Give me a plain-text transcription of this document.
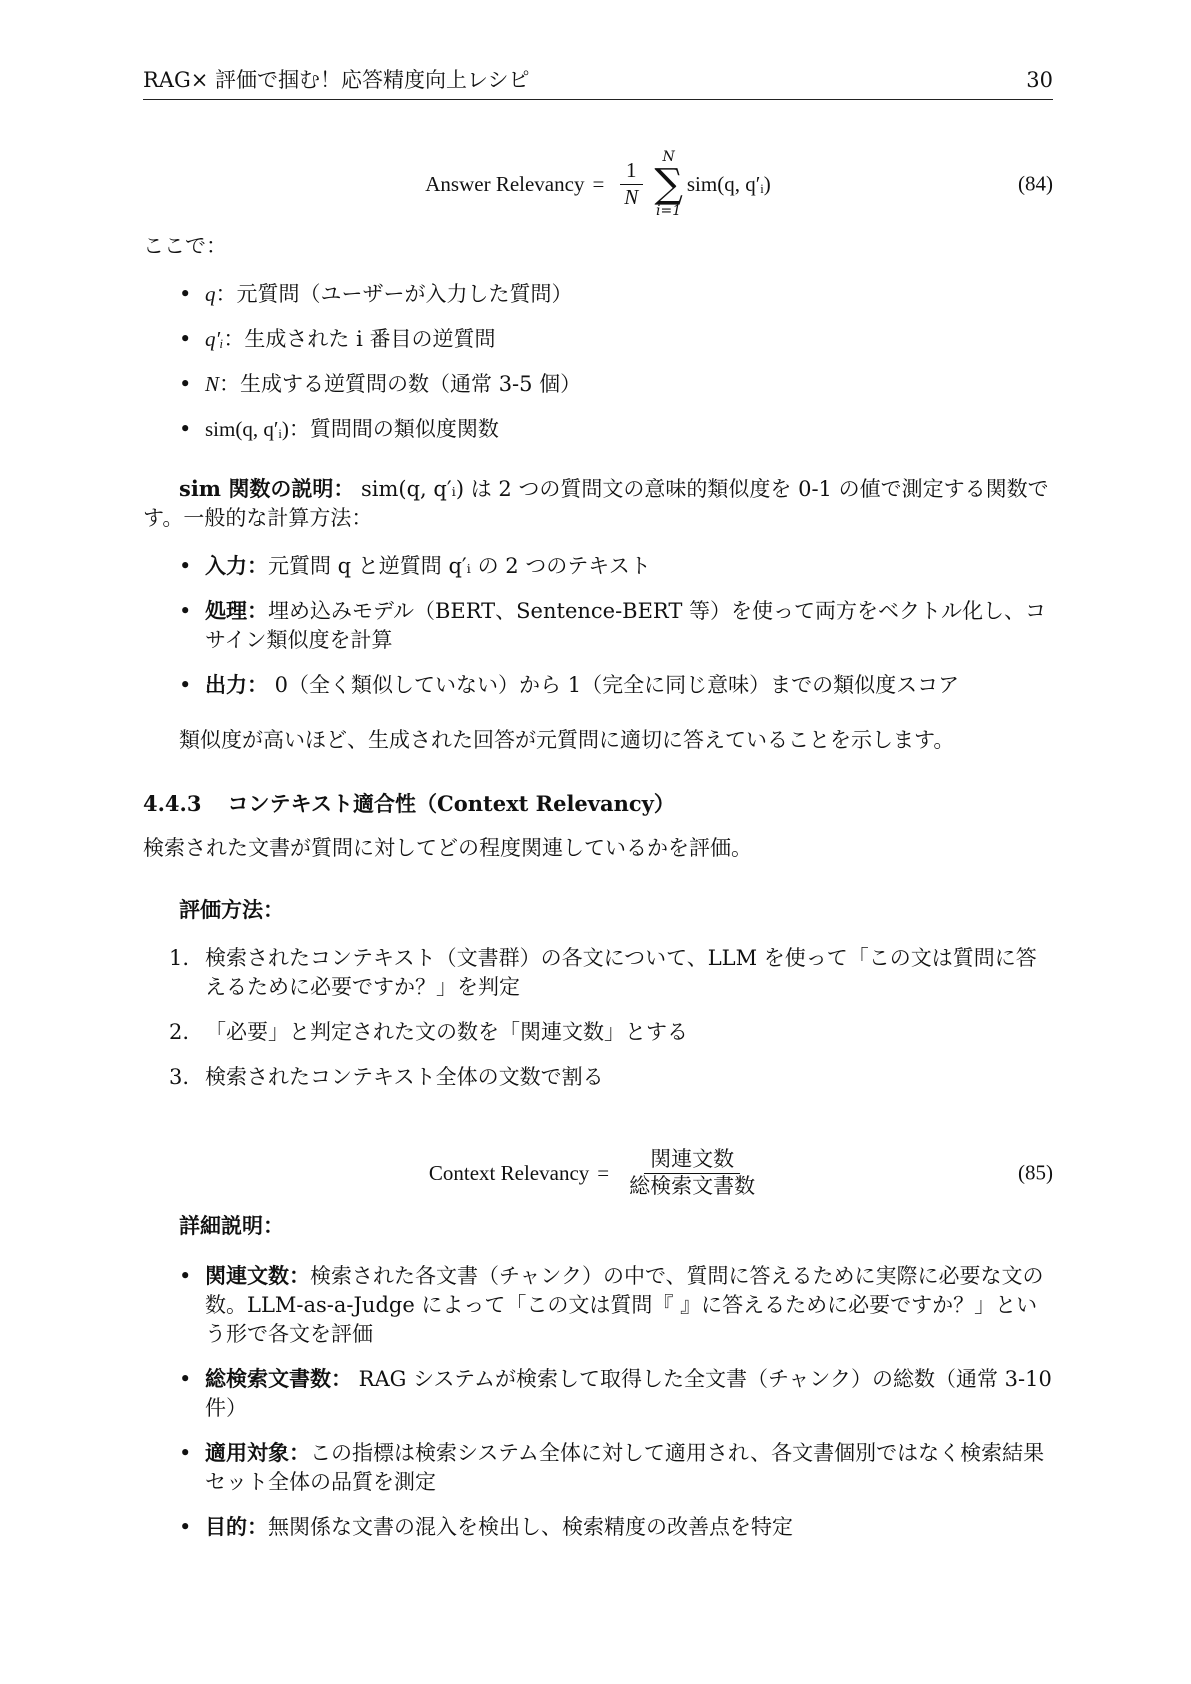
RAG× 評価で掴む！応答精度向上レシピ	30
Answer Relevancy = $\frac{1}{N}$
N
∑
i=1
sim(q, q′ᵢ)	(84)

ここで：

• q：元質問（ユーザーが入力した質問）
• q′ᵢ：生成された i 番目の逆質問
• N：生成する逆質問の数（通常 3-5 個）
• sim(q, q′ᵢ)：質問間の類似度関数

sim 関数の説明： sim(q, q′ᵢ) は 2 つの質問文の意味的類似度を 0-1 の値で測定する関数です。一般的な計算方法：

• 入力：元質問 q と逆質問 q′ᵢ の 2 つのテキスト
• 処理：埋め込みモデル（BERT、Sentence-BERT 等）を使って両方をベクトル化し、コサイン類似度を計算
• 出力： 0（全く類似していない）から 1（完全に同じ意味）までの類似度スコア

類似度が高いほど、生成された回答が元質問に適切に答えていることを示します。

4.4.3 コンテキスト適合性（Context Relevancy）

検索された文書が質問に対してどの程度関連しているかを評価。

評価方法：

1. 検索されたコンテキスト（文書群）の各文について、LLM を使って「この文は質問に答えるために必要ですか？」を判定
2. 「必要」と判定された文の数を「関連文数」とする
3. 検索されたコンテキスト全体の文数で割る
Context Relevancy = $\frac{\text{関連文数}}{\text{総検索文書数}}$	(85)

詳細説明：

• 関連文数：検索された各文書（チャンク）の中で、質問に答えるために実際に必要な文の数。LLM-as-a-Judge によって「この文は質問『 』に答えるために必要ですか？」という形で各文を評価
• 総検索文書数： RAG システムが検索して取得した全文書（チャンク）の総数（通常 3-10 件）
• 適用対象：この指標は検索システム全体に対して適用され、各文書個別ではなく検索結果セット全体の品質を測定
• 目的：無関係な文書の混入を検出し、検索精度の改善点を特定
